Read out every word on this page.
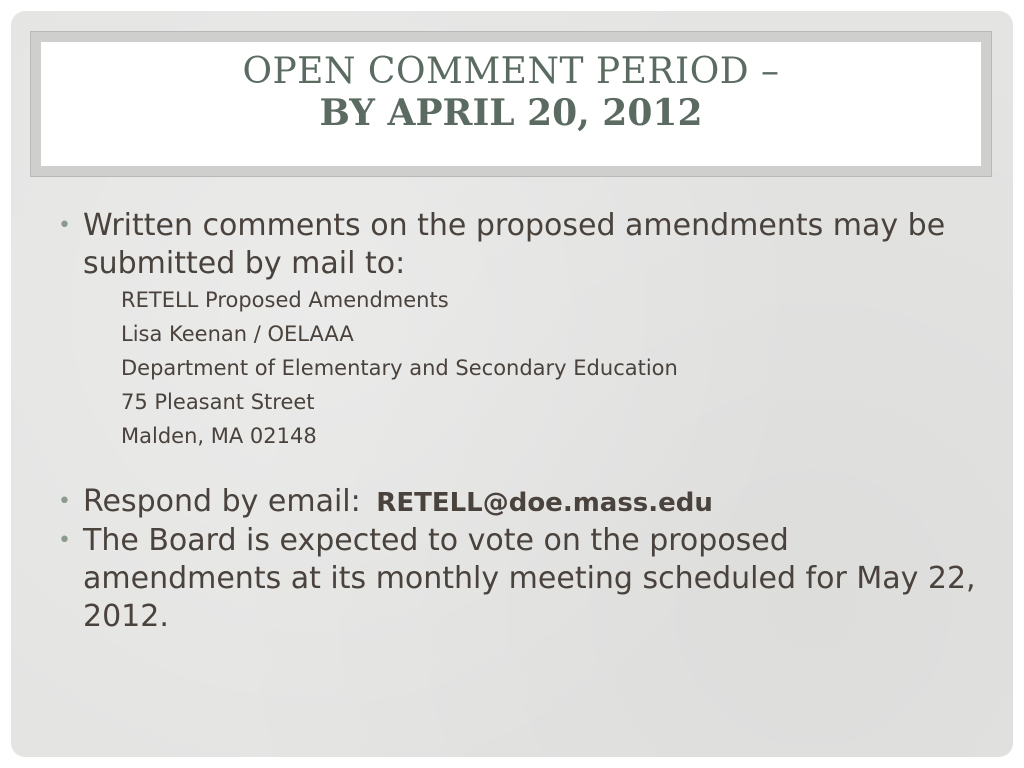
OPEN COMMENT PERIOD –
BY APRIL 20, 2012
• Written comments on the proposed amendments may be submitted by mail to:
RETELL Proposed Amendments
Lisa Keenan / OELAAA
Department of Elementary and Secondary Education
75 Pleasant Street
Malden, MA 02148
• Respond by email: RETELL@doe.mass.edu
• The Board is expected to vote on the proposed amendments at its monthly meeting scheduled for May 22, 2012.
